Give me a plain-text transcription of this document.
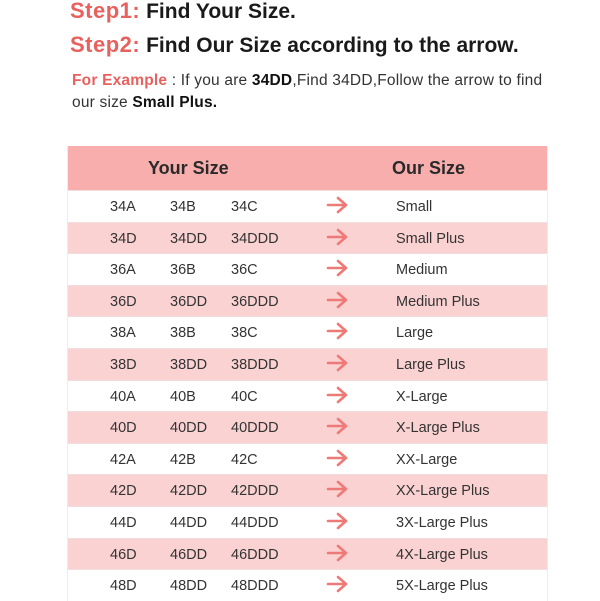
Step1: Find Your Size.
Step2: Find Our Size according to the arrow.
For Example : If you are 34DD,Find 34DD,Follow the arrow to find our size Small Plus.
Your Size	Our Size
34A 34B 34C	Small
34D 34DD 34DDD	Small Plus
36A 36B 36C	Medium
36D 36DD 36DDD	Medium Plus
38A 38B 38C	Large
38D 38DD 38DDD	Large Plus
40A 40B 40C	X-Large
40D 40DD 40DDD	X-Large Plus
42A 42B 42C	XX-Large
42D 42DD 42DDD	XX-Large Plus
44D 44DD 44DDD	3X-Large Plus
46D 46DD 46DDD	4X-Large Plus
48D 48DD 48DDD	5X-Large Plus
